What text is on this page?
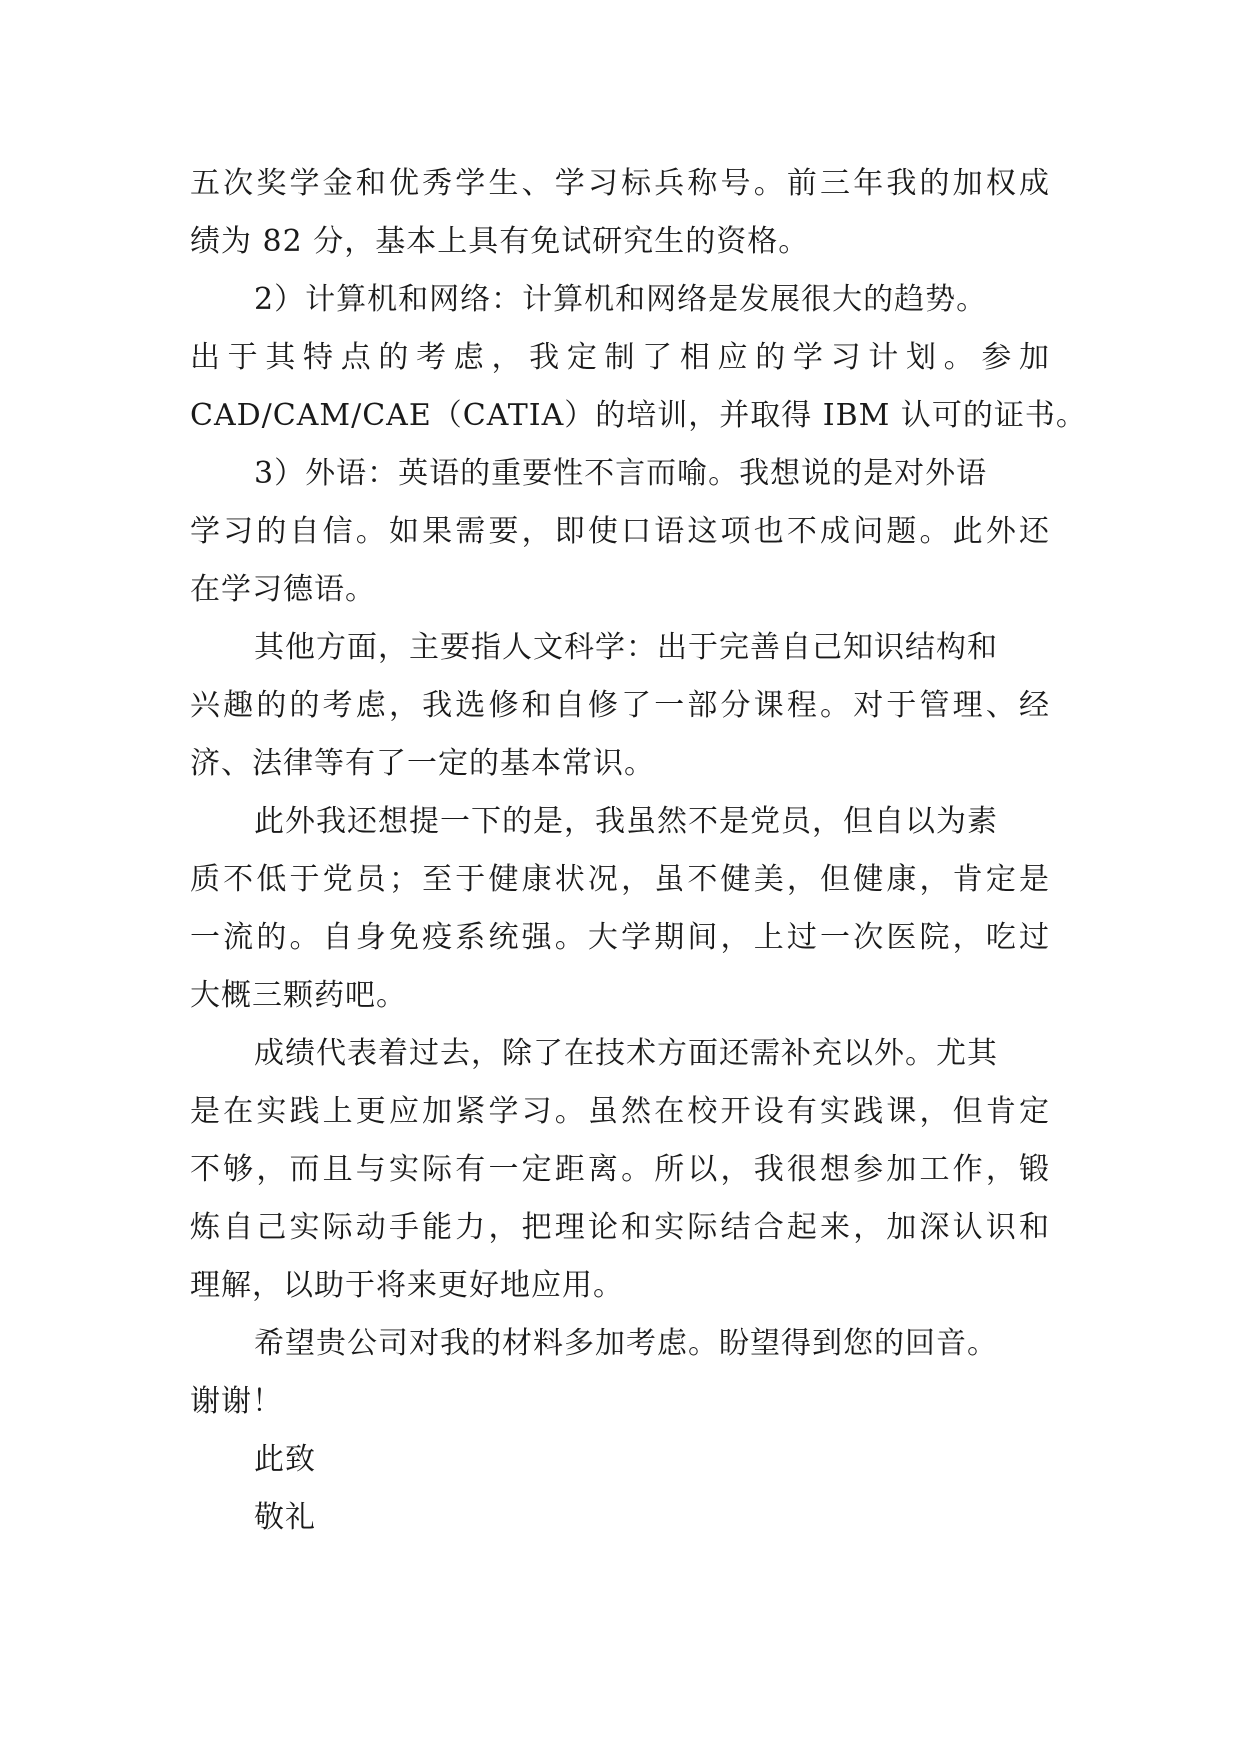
五次奖学金和优秀学生、学习标兵称号。前三年我的加权成
绩为 82 分，基本上具有免试研究生的资格。
2）计算机和网络：计算机和网络是发展很大的趋势。
出于其特点的考虑，我定制了相应的学习计划。参加
CAD/CAM/CAE（CATIA）的培训，并取得 IBM 认可的证书。
3）外语：英语的重要性不言而喻。我想说的是对外语
学习的自信。如果需要，即使口语这项也不成问题。此外还
在学习德语。
其他方面，主要指人文科学：出于完善自己知识结构和
兴趣的的考虑，我选修和自修了一部分课程。对于管理、经
济、法律等有了一定的基本常识。
此外我还想提一下的是，我虽然不是党员，但自以为素
质不低于党员；至于健康状况，虽不健美，但健康，肯定是
一流的。自身免疫系统强。大学期间，上过一次医院，吃过
大概三颗药吧。
成绩代表着过去，除了在技术方面还需补充以外。尤其
是在实践上更应加紧学习。虽然在校开设有实践课，但肯定
不够，而且与实际有一定距离。所以，我很想参加工作，锻
炼自己实际动手能力，把理论和实际结合起来，加深认识和
理解，以助于将来更好地应用。
希望贵公司对我的材料多加考虑。盼望得到您的回音。
谢谢！
此致
敬礼
